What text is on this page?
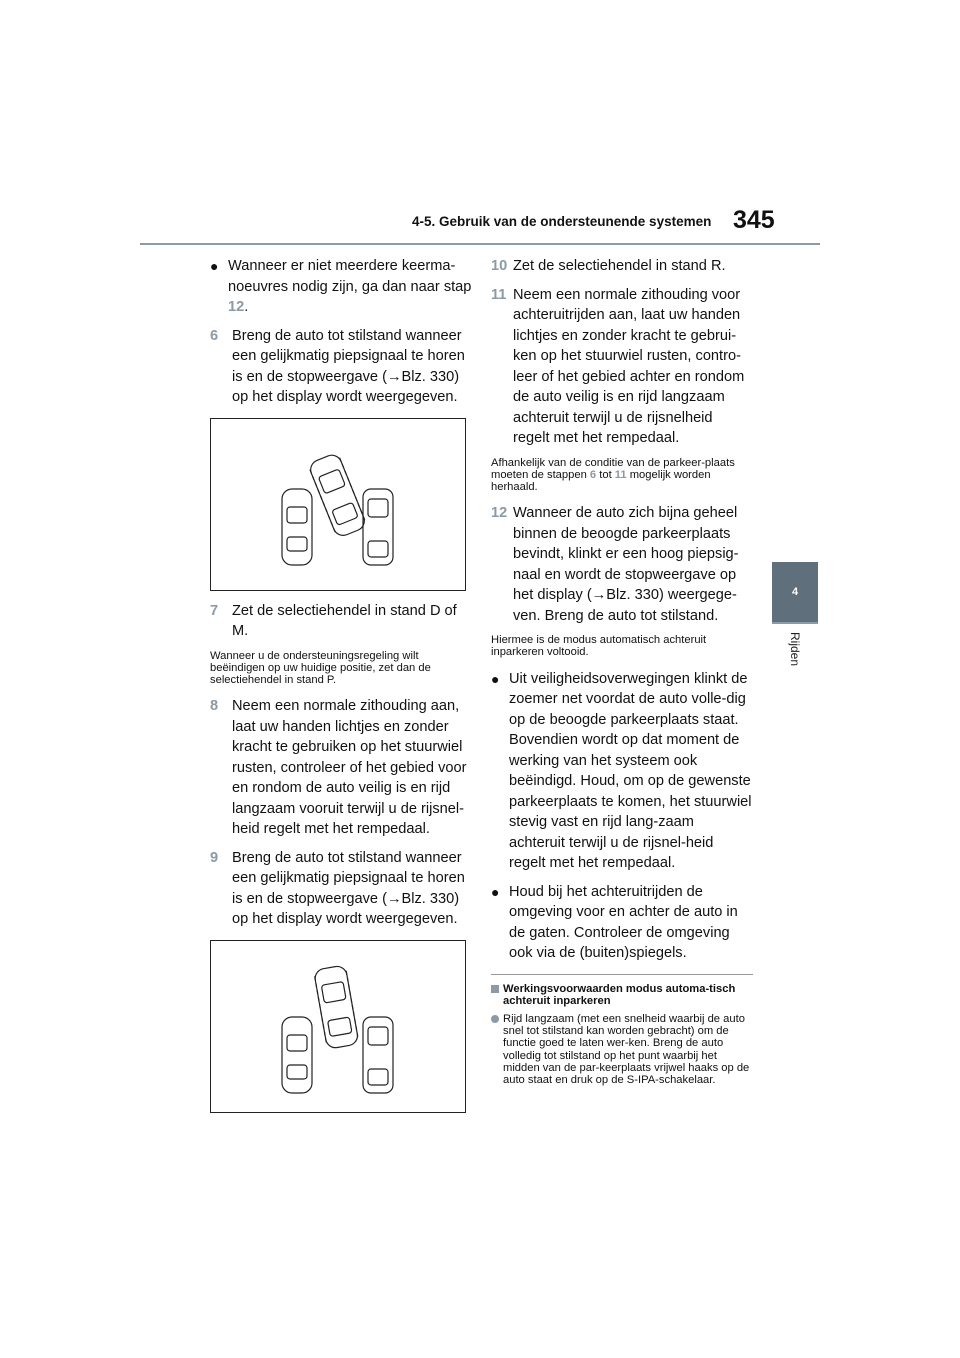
4-5. Gebruik van de ondersteunende systemen 345
4
Rijden
● Wanneer er niet meerdere keerma-noeuvres nodig zijn, ga dan naar stap 12.
6 Breng de auto tot stilstand wanneer een gelijkmatig piepsignaal te horen is en de stopweergave (→Blz. 330) op het display wordt weergegeven.
7 Zet de selectiehendel in stand D of M.
Wanneer u de ondersteuningsregeling wilt beëindigen op uw huidige positie, zet dan de selectiehendel in stand P.
8 Neem een normale zithouding aan, laat uw handen lichtjes en zonder kracht te gebruiken op het stuurwiel rusten, controleer of het gebied voor en rondom de auto veilig is en rijd langzaam vooruit terwijl u de rijsnel-heid regelt met het rempedaal.
9 Breng de auto tot stilstand wanneer een gelijkmatig piepsignaal te horen is en de stopweergave (→Blz. 330) op het display wordt weergegeven.
10 Zet de selectiehendel in stand R.
11 Neem een normale zithouding voor achteruitrijden aan, laat uw handen lichtjes en zonder kracht te gebrui-ken op het stuurwiel rusten, contro-leer of het gebied achter en rondom de auto veilig is en rijd langzaam achteruit terwijl u de rijsnelheid regelt met het rempedaal.
Afhankelijk van de conditie van de parkeer-plaats moeten de stappen 6 tot 11 mogelijk worden herhaald.
12 Wanneer de auto zich bijna geheel binnen de beoogde parkeerplaats bevindt, klinkt er een hoog piepsig-naal en wordt de stopweergave op het display (→Blz. 330) weergege-ven. Breng de auto tot stilstand.
Hiermee is de modus automatisch achteruit inparkeren voltooid.
● Uit veiligheidsoverwegingen klinkt de zoemer net voordat de auto volle-dig op de beoogde parkeerplaats staat. Bovendien wordt op dat moment de werking van het systeem ook beëindigd. Houd, om op de gewenste parkeerplaats te komen, het stuurwiel stevig vast en rijd lang-zaam achteruit terwijl u de rijsnel-heid regelt met het rempedaal.
● Houd bij het achteruitrijden de omgeving voor en achter de auto in de gaten. Controleer de omgeving ook via de (buiten)spiegels.
Werkingsvoorwaarden modus automa-tisch achteruit inparkeren
Rijd langzaam (met een snelheid waarbij de auto snel tot stilstand kan worden gebracht) om de functie goed te laten wer-ken. Breng de auto volledig tot stilstand op het punt waarbij het midden van de par-keerplaats vrijwel haaks op de auto staat en druk op de S-IPA-schakelaar.
